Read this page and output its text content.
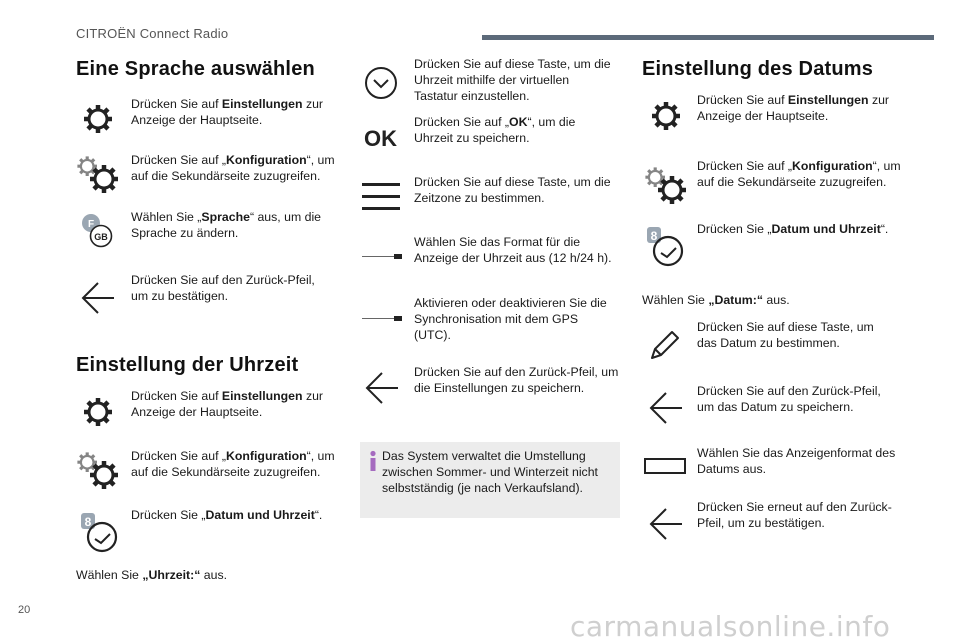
CITROËN Connect Radio
Eine Sprache auswählen
Drücken Sie auf Einstellungen zur Anzeige der Hauptseite.
Drücken Sie auf „Konfiguration“, um auf die Sekundärseite zuzugreifen.
F
GB
Wählen Sie „Sprache“ aus, um die Sprache zu ändern.
Drücken Sie auf den Zurück-Pfeil, um zu bestätigen.
Einstellung der Uhrzeit
Drücken Sie auf Einstellungen zur Anzeige der Hauptseite.
Drücken Sie auf „Konfiguration“, um auf die Sekundärseite zuzugreifen.
8	Drücken Sie „Datum und Uhrzeit“.
Wählen Sie „Uhrzeit:“ aus.
Drücken Sie auf diese Taste, um die Uhrzeit mithilfe der virtuellen Tastatur einzustellen.
OK
Drücken Sie auf „OK“, um die Uhrzeit zu speichern.
Drücken Sie auf diese Taste, um die Zeitzone zu bestimmen.
Wählen Sie das Format für die Anzeige der Uhrzeit aus (12 h/24 h).
Aktivieren oder deaktivieren Sie die Synchronisation mit dem GPS (UTC).
Drücken Sie auf den Zurück-Pfeil, um die Einstellungen zu speichern.
Das System verwaltet die Umstellung zwischen Sommer- und Winterzeit nicht selbstständig (je nach Verkaufsland).
Einstellung des Datums
Drücken Sie auf Einstellungen zur Anzeige der Hauptseite.
Drücken Sie auf „Konfiguration“, um auf die Sekundärseite zuzugreifen.
8	Drücken Sie „Datum und Uhrzeit“.
Wählen Sie „Datum:“ aus.
Drücken Sie auf diese Taste, um das Datum zu bestimmen.
Drücken Sie auf den Zurück-Pfeil, um das Datum zu speichern.
Wählen Sie das Anzeigenformat des Datums aus.
Drücken Sie erneut auf den Zurück-Pfeil, um zu bestätigen.
20	carmanualsonline.info
